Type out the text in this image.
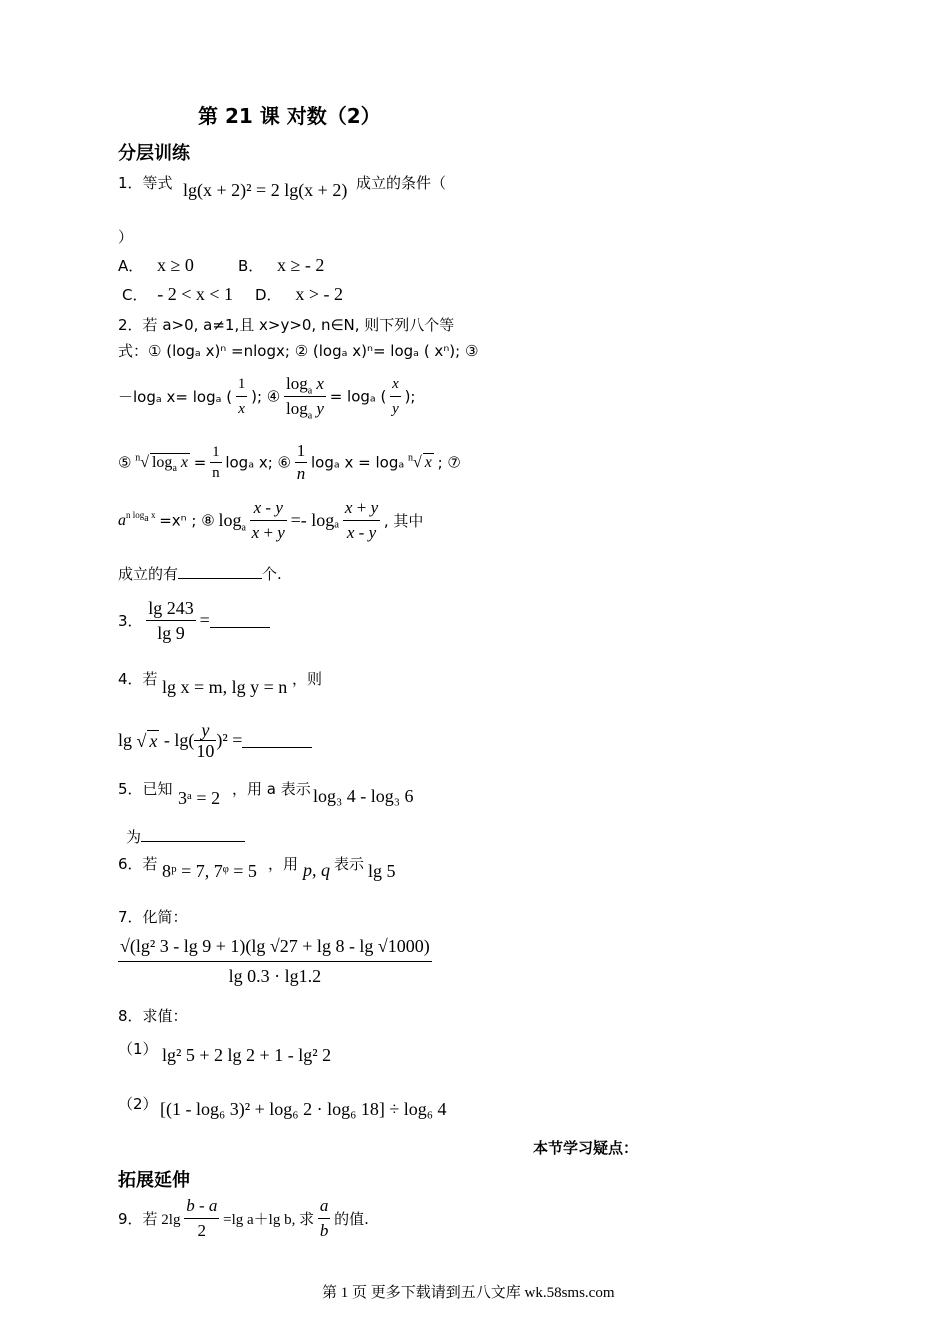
第 21 课 对数（2）
分层训练
1．等式 lg(x + 2)² = 2 lg(x + 2) 成立的条件（
）
A． x ≥ 0	B． x ≥ - 2
C． - 2 < x < 1 D． x > - 2
2．若 a>0, a≠1,且 x>y>0, n∈N, 则下列八个等
式：① (logₐ x)ⁿ =nlogx; ② (logₐ x)ⁿ= logₐ ( xⁿ); ③
－logₐ x= logₐ ( $\frac{1}{x}$ ); ④ $\frac{\log_a x}{\log_a y} = \log_a$ ( $\frac{x}{y}$ );
⑤ $^n$√ $\log_a x = \frac{1}{n}$ logₐ x; ⑥ $\frac{1}{n}$ logₐ x = logₐ $^n$√ x ; ⑦
$a^{n log_a x} =x^n$ ; ⑧ $\log_a \frac{x - y}{x + y} =- \log_a \frac{x + y}{x - y}$ , 其中
成立的有	个.
3． $\frac{\lg 243}{\lg 9}$ =
4．若 lg x = m, lg y = n ，则
lg √ x - $\lg( \frac{y}{10} )^2$ =
5．已知 3ᵃ = 2 ，用 a 表示 log₃ 4 - log₃ 6
为
6．若 8ᵖ = 7, 7ᵠ = 5 ，用 p, q 表示 lg 5
7．化简：
$\frac{\text{√(lg² 3 - lg 9 + 1)(lg √27 + lg 8 - lg √1000)}}{\lg 0.3 \cdot \lg 1.2}$
8．求值：
（1） lg² 5 + 2 lg 2 + 1 - lg² 2
（2） [(1 - log₆ 3)² + log₆ 2 · log₆ 18] ÷ log₆ 4
本节学习疑点：
拓展延伸
9．若 $2\lg \frac{b - a}{2} =\lg$ a＋lg b, 求 $\frac{a}{b}$ 的值.
第 1 页 更多下载请到五八文库 wk.58sms.com
